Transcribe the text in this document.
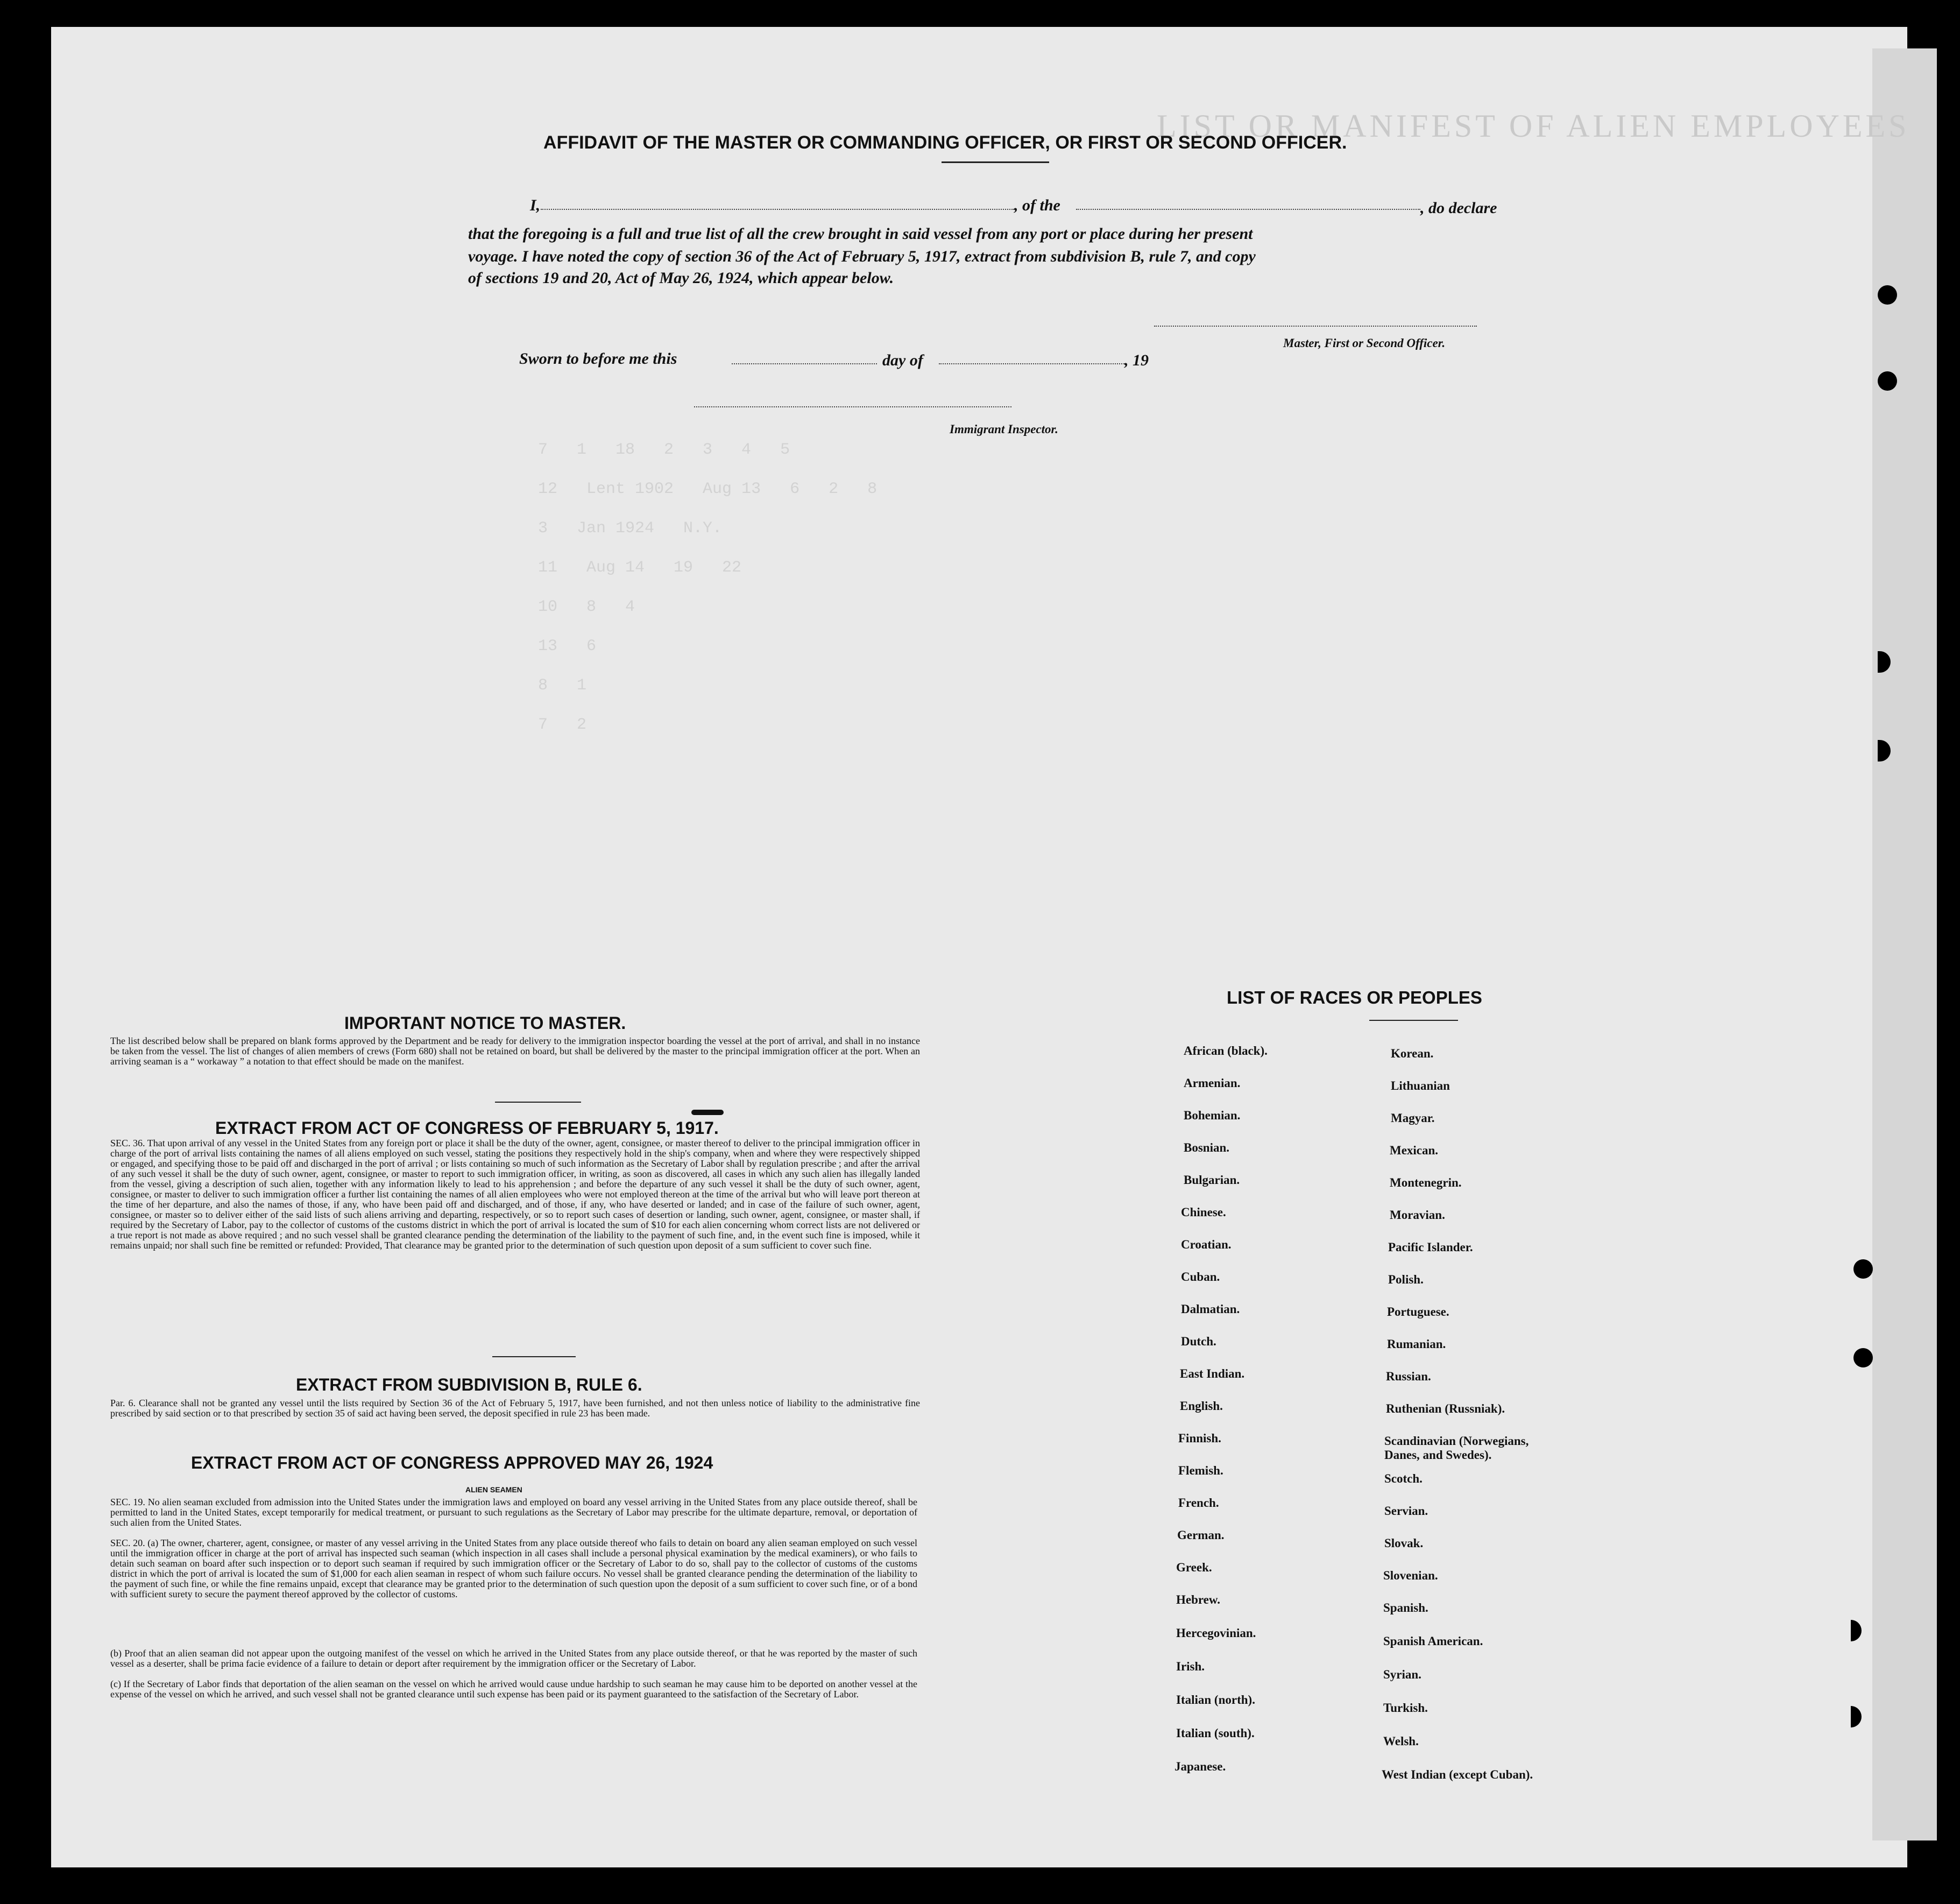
LIST OR MANIFEST OF ALIEN EMPLOYEES
7   1   18   2   3   4   5
12   Lent 1902   Aug 13   6   2   8
3   Jan 1924   N.Y.
11   Aug 14   19   22
10   8   4
13   6
8   1
7   2
AFFIDAVIT OF THE MASTER OR COMMANDING OFFICER, OR FIRST OR SECOND OFFICER.
I,	, of the	, do declare
that the foregoing is a full and true list of all the crew brought in said vessel from any port or place during her present
voyage. I have noted the copy of section 36 of the Act of February 5, 1917, extract from subdivision B, rule 7, and copy
of sections 19 and 20, Act of May 26, 1924, which appear below.
Master, First or Second Officer.
Sworn to before me this	day of	, 19
Immigrant Inspector.
IMPORTANT NOTICE TO MASTER.
The list described below shall be prepared on blank forms approved by the Department and be ready for delivery to the immigration inspector boarding the vessel at the port of arrival, and shall in no instance be taken from the vessel. The list of changes of alien members of crews (Form 680) shall not be retained on board, but shall be delivered by the master to the principal immigration officer at the port. When an arriving seaman is a “ workaway ” a notation to that effect should be made on the manifest.
EXTRACT FROM ACT OF CONGRESS OF FEBRUARY 5, 1917.
SEC. 36. That upon arrival of any vessel in the United States from any foreign port or place it shall be the duty of the owner, agent, consignee, or master thereof to deliver to the principal immigration officer in charge of the port of arrival lists containing the names of all aliens employed on such vessel, stating the positions they respectively hold in the ship's company, when and where they were respectively shipped or engaged, and specifying those to be paid off and discharged in the port of arrival ; or lists containing so much of such information as the Secretary of Labor shall by regulation prescribe ; and after the arrival of any such vessel it shall be the duty of such owner, agent, consignee, or master to report to such immigration officer, in writing, as soon as discovered, all cases in which any such alien has illegally landed from the vessel, giving a description of such alien, together with any information likely to lead to his apprehension ; and before the departure of any such vessel it shall be the duty of such owner, agent, consignee, or master to deliver to such immigration officer a further list containing the names of all alien employees who were not employed thereon at the time of the arrival but who will leave port thereon at the time of her departure, and also the names of those, if any, who have been paid off and discharged, and of those, if any, who have deserted or landed; and in case of the failure of such owner, agent, consignee, or master so to deliver either of the said lists of such aliens arriving and departing, respectively, or so to report such cases of desertion or landing, such owner, agent, consignee, or master shall, if required by the Secretary of Labor, pay to the collector of customs of the customs district in which the port of arrival is located the sum of $10 for each alien concerning whom correct lists are not delivered or a true report is not made as above required ; and no such vessel shall be granted clearance pending the determination of the liability to the payment of such fine, and, in the event such fine is imposed, while it remains unpaid; nor shall such fine be remitted or refunded: Provided, That clearance may be granted prior to the determination of such question upon deposit of a sum sufficient to cover such fine.
EXTRACT FROM SUBDIVISION B, RULE 6.
Par. 6. Clearance shall not be granted any vessel until the lists required by Section 36 of the Act of February 5, 1917, have been furnished, and not then unless notice of liability to the administrative fine prescribed by said section or to that prescribed by section 35 of said act having been served, the deposit specified in rule 23 has been made.
EXTRACT FROM ACT OF CONGRESS APPROVED MAY 26, 1924
ALIEN SEAMEN
SEC. 19. No alien seaman excluded from admission into the United States under the immigration laws and employed on board any vessel arriving in the United States from any place outside thereof, shall be permitted to land in the United States, except temporarily for medical treatment, or pursuant to such regulations as the Secretary of Labor may prescribe for the ultimate departure, removal, or deportation of such alien from the United States.
SEC. 20. (a) The owner, charterer, agent, consignee, or master of any vessel arriving in the United States from any place outside thereof who fails to detain on board any alien seaman employed on such vessel until the immigration officer in charge at the port of arrival has inspected such seaman (which inspection in all cases shall include a personal physical examination by the medical examiners), or who fails to detain such seaman on board after such inspection or to deport such seaman if required by such immigration officer or the Secretary of Labor to do so, shall pay to the collector of customs of the customs district in which the port of arrival is located the sum of $1,000 for each alien seaman in respect of whom such failure occurs. No vessel shall be granted clearance pending the determination of the liability to the payment of such fine, or while the fine remains unpaid, except that clearance may be granted prior to the determination of such question upon the deposit of a sum sufficient to cover such fine, or of a bond with sufficient surety to secure the payment thereof approved by the collector of customs.
(b) Proof that an alien seaman did not appear upon the outgoing manifest of the vessel on which he arrived in the United States from any place outside thereof, or that he was reported by the master of such vessel as a deserter, shall be prima facie evidence of a failure to detain or deport after requirement by the immigration officer or the Secretary of Labor.
(c) If the Secretary of Labor finds that deportation of the alien seaman on the vessel on which he arrived would cause undue hardship to such seaman he may cause him to be deported on another vessel at the expense of the vessel on which he arrived, and such vessel shall not be granted clearance until such expense has been paid or its payment guaranteed to the satisfaction of the Secretary of Labor.
LIST OF RACES OR PEOPLES
African (black).
Armenian.
Bohemian.
Bosnian.
Bulgarian.
Chinese.
Croatian.
Cuban.
Dalmatian.
Dutch.
East Indian.
English.
Finnish.
Flemish.
French.
German.
Greek.
Hebrew.
Hercegovinian.
Irish.
Italian (north).
Italian (south).
Japanese.
Korean.
Lithuanian
Magyar.
Mexican.
Montenegrin.
Moravian.
Pacific Islander.
Polish.
Portuguese.
Rumanian.
Russian.
Ruthenian (Russniak).
Scandinavian (Norwegians, Danes, and Swedes).
Scotch.
Servian.
Slovak.
Slovenian.
Spanish.
Spanish American.
Syrian.
Turkish.
Welsh.
West Indian (except Cuban).
